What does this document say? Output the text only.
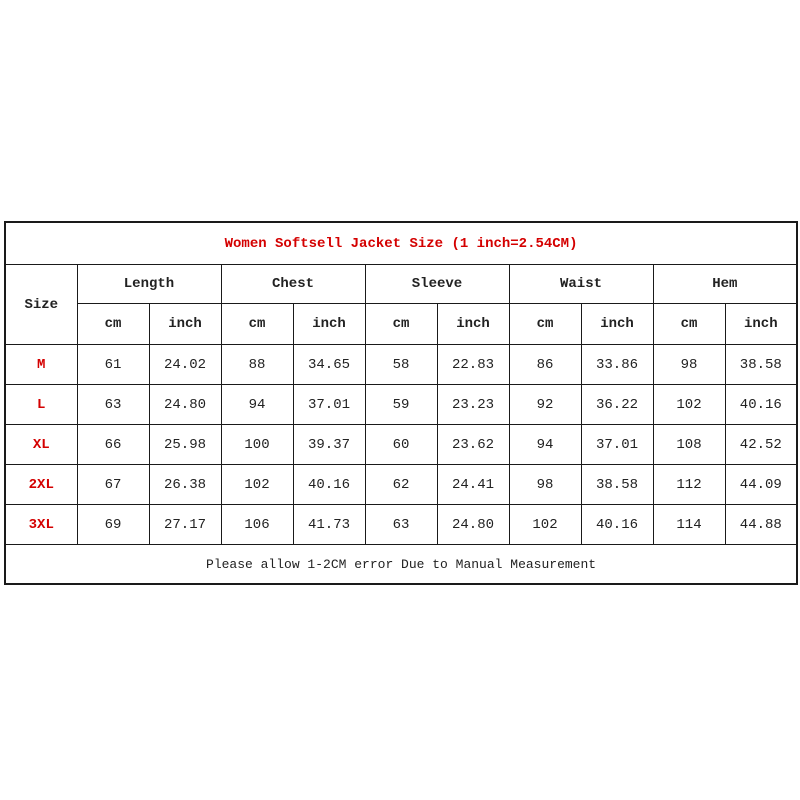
Women Softsell Jacket Size (1 inch=2.54CM)										
Size	Length		Chest		Sleeve		Waist		Hem	
	cm	inch	cm	inch	cm	inch	cm	inch	cm	inch
M	61	24.02	88	34.65	58	22.83	86	33.86	98	38.58
L	63	24.80	94	37.01	59	23.23	92	36.22	102	40.16
XL	66	25.98	100	39.37	60	23.62	94	37.01	108	42.52
2XL	67	26.38	102	40.16	62	24.41	98	38.58	112	44.09
3XL	69	27.17	106	41.73	63	24.80	102	40.16	114	44.88
Please allow 1-2CM error Due to Manual Measurement										
